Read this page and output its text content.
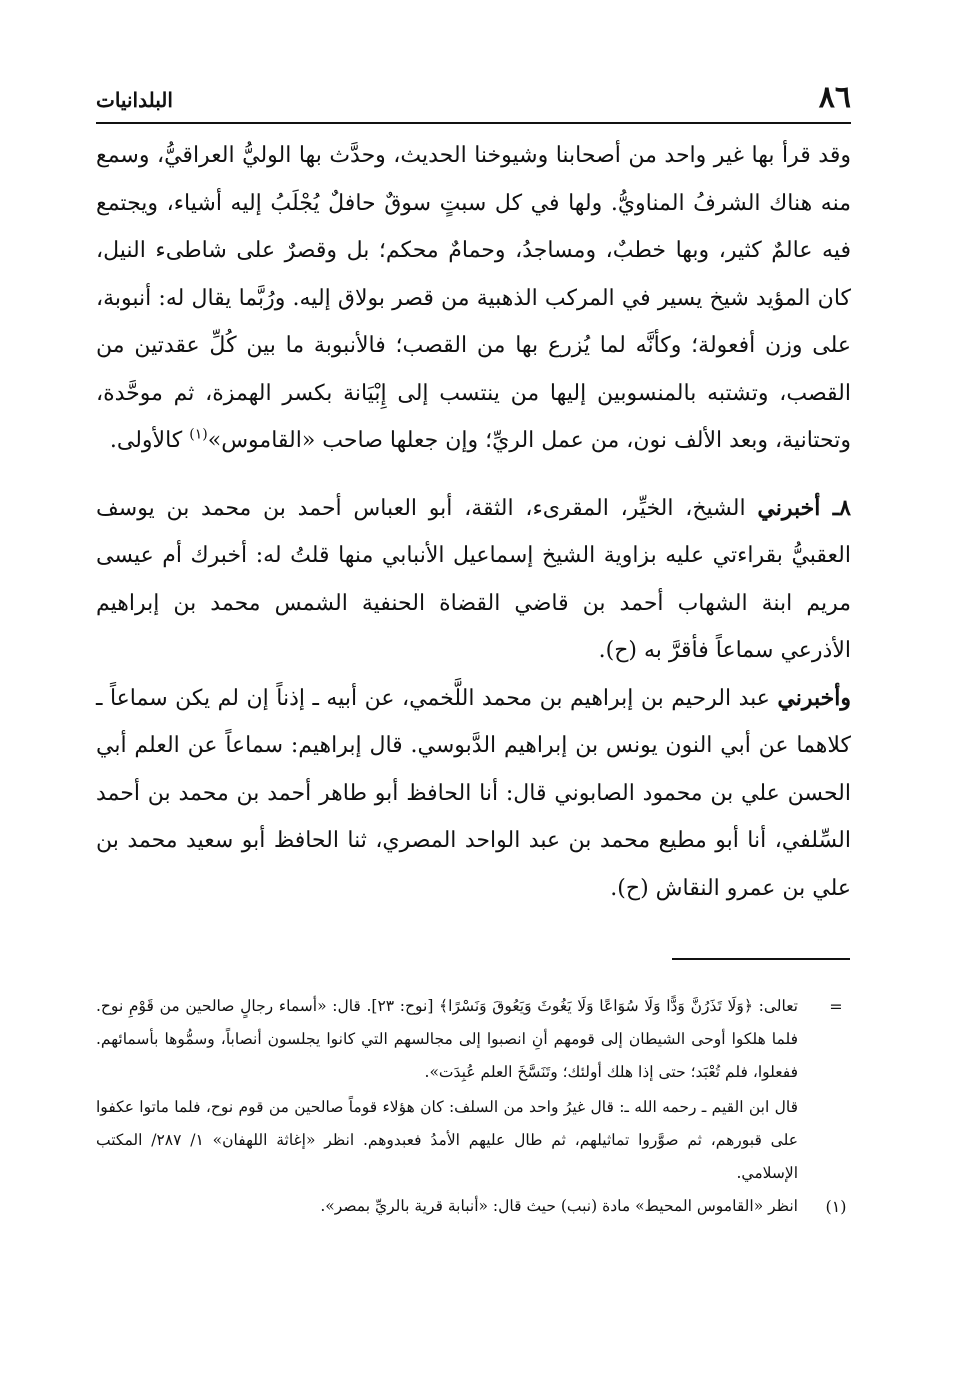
٨٦
البلدانيات

وقد قرأ بها غير واحد من أصحابنا وشيوخنا الحديث، وحدَّث بها الوليُّ العراقيُّ، وسمع منه هناك الشرفُ المناويُّ. ولها في كل سبتٍ سوقٌ حافلٌ يُجْلَبُ إليه أشياء، ويجتمع فيه عالمٌ كثير، وبها خطبٌ، ومساجدُ، وحمامٌ محكم؛ بل وقصرٌ على شاطىء النيل، كان المؤيد شيخ يسير في المركب الذهبية من قصر بولاق إليه. ورُبَّما يقال له: أنبوبة، على وزن أفعولة؛ وكأنَّه لما يُزرع بها من القصب؛ فالأنبوبة ما بين كُلِّ عقدتين من القصب، وتشتبه بالمنسوبين إليها من ينتسب إلى إِبْيَانة بكسر الهمزة، ثم موحَّدة، وتحتانية، وبعد الألف نون، من عمل الريِّ؛ وإن جعلها صاحب «القاموس»$^{(١)}$ كالأولى.

٨ـ أخبرني الشيخ، الخيِّر، المقرىء، الثقة، أبو العباس أحمد بن محمد بن يوسف العقبيُّ بقراءتي عليه بزاوية الشيخ إسماعيل الأنبابي منها قلتُ له: أخبرك أم عيسى مريم ابنة الشهاب أحمد بن قاضي القضاة الحنفية الشمس محمد بن إبراهيم الأذرعي سماعاً فأقرَّ به (ح).

وأخبرني عبد الرحيم بن إبراهيم بن محمد اللَّخمي، عن أبيه ـ إذناً إن لم يكن سماعاً ـ كلاهما عن أبي النون يونس بن إبراهيم الدَّبوسي. قال إبراهيم: سماعاً عن العلم أبي الحسن علي بن محمود الصابوني قال: أنا الحافظ أبو طاهر أحمد بن محمد بن أحمد السِّلفي، أنا أبو مطيع محمد بن عبد الواحد المصري، ثنا الحافظ أبو سعيد محمد بن علي بن عمرو النقاش (ح).

=
تعالى: ﴿وَلَا تَذَرُنَّ وَدًّا وَلَا سُوَاعًا وَلَا يَغُوثَ وَيَعُوقَ وَنَسْرًا﴾ [نوح: ٢٣]. قال: «أسماء رجالٍ صالحين من قَوْمِ نوح. فلما هلكوا أوحى الشيطان إلى قومهم أنِ انصبوا إلى مجالسهم التي كانوا يجلسون أنصاباً، وسمُّوها بأسمائهم. ففعلوا، فلم تُعْبَد؛ حتى إذا هلك أولئك؛ وتَنَسَّخَ العلم عُبِدَت».

قال ابن القيم ـ رحمه الله ـ: قال غيرُ واحد من السلف: كان هؤلاء قوماً صالحين من قوم نوح، فلما ماتوا عكفوا على قبورهم، ثم صوَّروا تماثيلهم، ثم طال عليهم الأمدُ فعبدوهم. انظر «إغاثة اللهفان» ١/ ٢٨٧/ المكتب الإسلامي.

(١)
انظر «القاموس المحيط» مادة (نبب) حيث قال: «أنبابة قرية بالريِّ بمصر».
